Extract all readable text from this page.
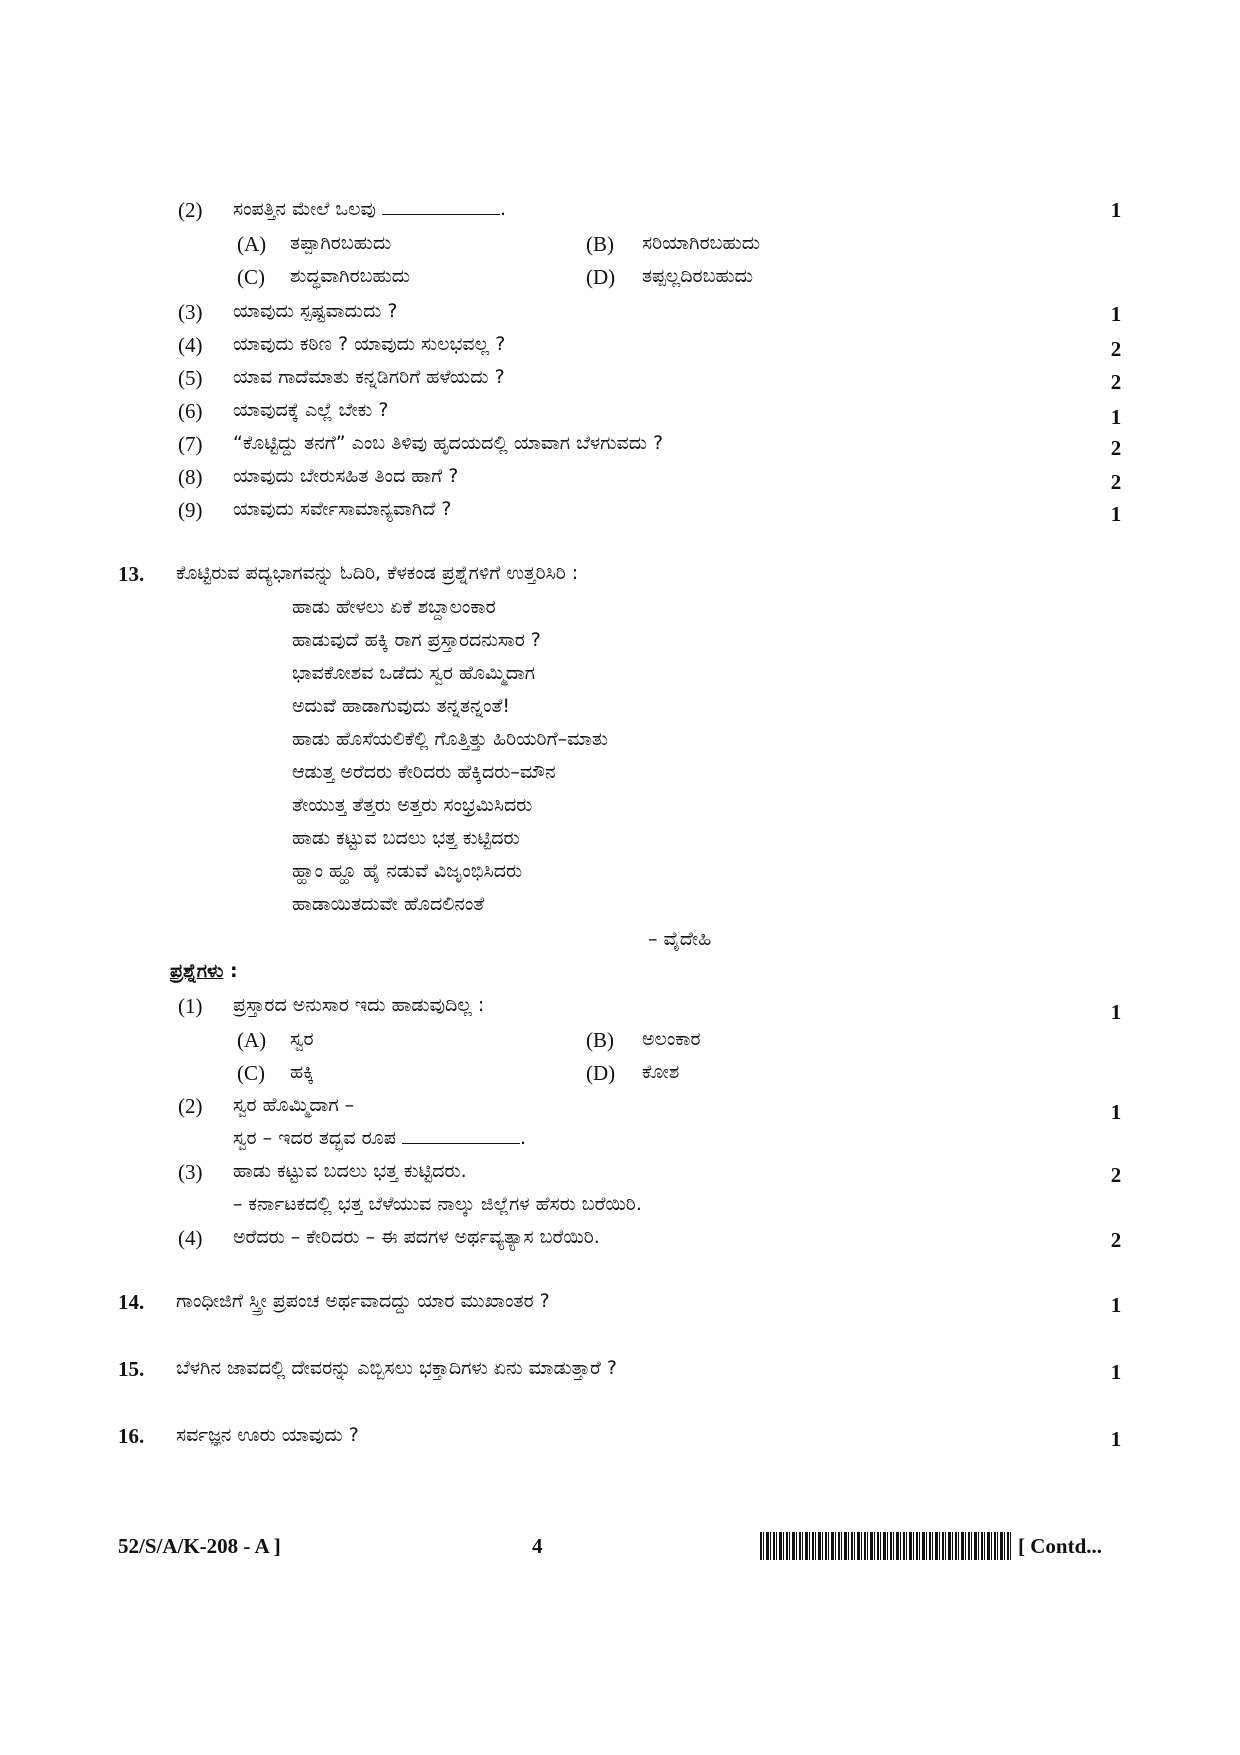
(2) ಸಂಪತ್ತಿನ ಮೇಲೆ ಒಲವು	.	1
(A) ತಪ್ಪಾಗಿರಬಹುದು	(B) ಸರಿಯಾಗಿರಬಹುದು
(C) ಶುದ್ಧವಾಗಿರಬಹುದು	(D) ತಪ್ಪಲ್ಲದಿರಬಹುದು
(3) ಯಾವುದು ಸ್ಪಷ್ಟವಾದುದು ?	1
(4) ಯಾವುದು ಕಠಿಣ ? ಯಾವುದು ಸುಲಭವಲ್ಲ ?	2
(5) ಯಾವ ಗಾದೆಮಾತು ಕನ್ನಡಿಗರಿಗೆ ಹಳೆಯದು ?	2
(6) ಯಾವುದಕ್ಕೆ ಎಲ್ಲೆ ಬೇಕು ?	1
(7) “ಕೊಟ್ಟಿದ್ದು ತನಗೆ” ಎಂಬ ತಿಳಿವು ಹೃದಯದಲ್ಲಿ ಯಾವಾಗ ಬೆಳಗುವದು ?	2
(8) ಯಾವುದು ಬೇರುಸಹಿತ ತಿಂದ ಹಾಗೆ ?	2
(9) ಯಾವುದು ಸರ್ವೇಸಾಮಾನ್ಯವಾಗಿದೆ ?	1
13. ಕೊಟ್ಟಿರುವ ಪದ್ಯಭಾಗವನ್ನು ಓದಿರಿ, ಕೆಳಕಂಡ ಪ್ರಶ್ನೆಗಳಿಗೆ ಉತ್ತರಿಸಿರಿ :
ಹಾಡು ಹೇಳಲು ಏಕೆ ಶಬ್ದಾಲಂಕಾರ
ಹಾಡುವುದೆ ಹಕ್ಕಿ ರಾಗ ಪ್ರಸ್ತಾರದನುಸಾರ ?
ಭಾವಕೋಶವ ಒಡೆದು ಸ್ವರ ಹೊಮ್ಮಿದಾಗ
ಅದುವೆ ಹಾಡಾಗುವುದು ತನ್ನತನ್ನಂತೆ!
ಹಾಡು ಹೊಸೆಯಲಿಕೆಲ್ಲಿ ಗೊತ್ತಿತ್ತು ಹಿರಿಯರಿಗೆ–ಮಾತು
ಆಡುತ್ತ ಅರೆದರು ಕೇರಿದರು ಹೆಕ್ಕಿದರು–ಮೌನ
ತೇಯುತ್ತ ತೆತ್ತರು ಅತ್ತರು ಸಂಭ್ರಮಿಸಿದರು
ಹಾಡು ಕಟ್ಟುವ ಬದಲು ಭತ್ತ ಕುಟ್ಟಿದರು
ಹ್ಹಾಂ ಹ್ಹೂ ಹೈ ನಡುವೆ ವಿಜೃಂಭಿಸಿದರು
ಹಾಡಾಯಿತದುವೇ ಹೊದಲಿನಂತೆ
– ವೈದೇಹಿ
ಪ್ರಶ್ನೆಗಳು :
(1) ಪ್ರಸ್ತಾರದ ಅನುಸಾರ ಇದು ಹಾಡುವುದಿಲ್ಲ :	1
(A) ಸ್ವರ	(B) ಅಲಂಕಾರ
(C) ಹಕ್ಕಿ	(D) ಕೋಶ
(2) ಸ್ವರ ಹೊಮ್ಮಿದಾಗ –	1
ಸ್ವರ – ಇದರ ತದ್ಭವ ರೂಪ	.
(3) ಹಾಡು ಕಟ್ಟುವ ಬದಲು ಭತ್ತ ಕುಟ್ಟಿದರು.	2
– ಕರ್ನಾಟಕದಲ್ಲಿ ಭತ್ತ ಬೆಳೆಯುವ ನಾಲ್ಕು ಜಿಲ್ಲೆಗಳ ಹೆಸರು ಬರೆಯಿರಿ.
(4) ಅರೆದರು – ಕೇರಿದರು – ಈ ಪದಗಳ ಅರ್ಥವ್ಯತ್ಯಾಸ ಬರೆಯಿರಿ.	2
14. ಗಾಂಧೀಜಿಗೆ ಸ್ತ್ರೀ ಪ್ರಪಂಚ ಅರ್ಥವಾದದ್ದು ಯಾರ ಮುಖಾಂತರ ?	1
15. ಬೆಳಗಿನ ಜಾವದಲ್ಲಿ ದೇವರನ್ನು ಎಬ್ಬಿಸಲು ಭಕ್ತಾದಿಗಳು ಏನು ಮಾಡುತ್ತಾರೆ ?	1
16. ಸರ್ವಜ್ಞನ ಊರು ಯಾವುದು ?	1
52/S/A/K-208 - A ]	4	[ Contd...
